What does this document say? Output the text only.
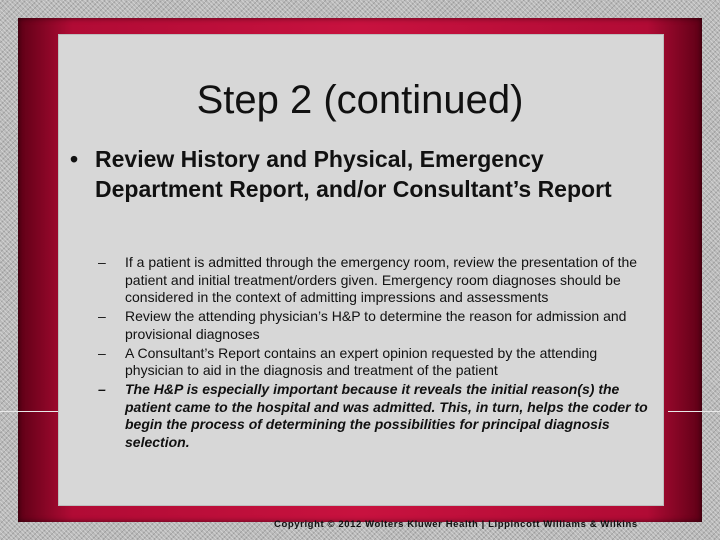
Step 2 (continued)
• Review History and Physical, Emergency Department Report, and/or Consultant’s Report
– If a patient is admitted through the emergency room, review the presentation of the patient and initial treatment/orders given. Emergency room diagnoses should be considered in the context of admitting impressions and assessments
– Review the attending physician’s H&P to determine the reason for admission and provisional diagnoses
– A Consultant’s Report contains an expert opinion requested by the attending physician to aid in the diagnosis and treatment of the patient
– The H&P is especially important because it reveals the initial reason(s) the patient came to the hospital and was admitted. This, in turn, helps the coder to begin the process of determining the possibilities for principal diagnosis selection.
Copyright © 2012 Wolters Kluwer Health | Lippincott Williams & Wilkins
